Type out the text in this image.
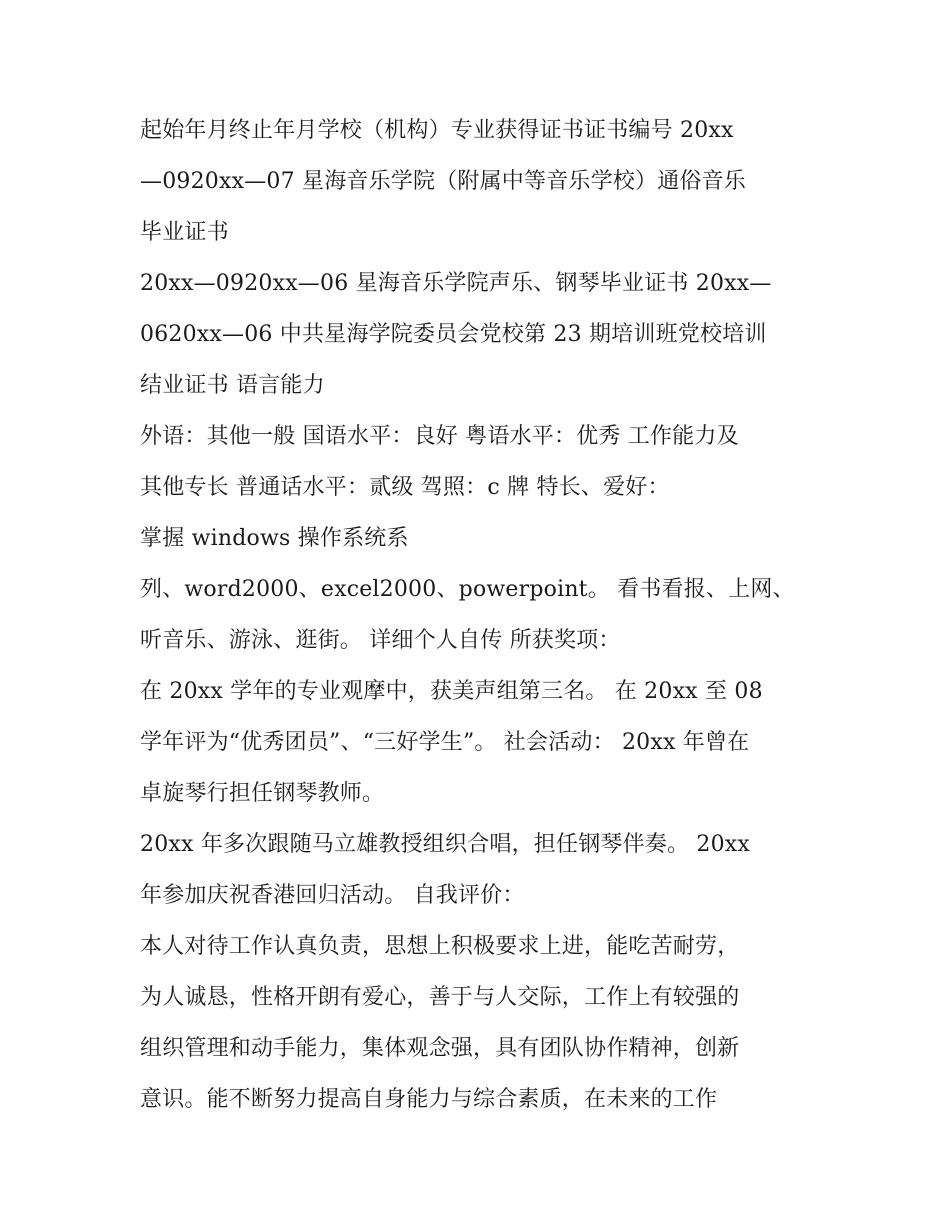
起始年月终止年月学校（机构）专业获得证书证书编号 20xx
—0920xx—07 星海音乐学院（附属中等音乐学校）通俗音乐
毕业证书
20xx—0920xx—06 星海音乐学院声乐、钢琴毕业证书 20xx—
0620xx—06 中共星海学院委员会党校第 23 期培训班党校培训
结业证书 语言能力
外语：其他一般 国语水平：良好 粤语水平：优秀 工作能力及
其他专长 普通话水平：贰级 驾照：c 牌 特长、爱好：
掌握 windows 操作系统系
列、word2000、excel2000、powerpoint。 看书看报、上网、
听音乐、游泳、逛街。 详细个人自传 所获奖项：
在 20xx 学年的专业观摩中，获美声组第三名。 在 20xx 至 08
学年评为“优秀团员”、“三好学生”。 社会活动： 20xx 年曾在
卓旋琴行担任钢琴教师。
20xx 年多次跟随马立雄教授组织合唱，担任钢琴伴奏。 20xx
年参加庆祝香港回归活动。 自我评价：
本人对待工作认真负责，思想上积极要求上进，能吃苦耐劳，
为人诚恳，性格开朗有爱心，善于与人交际，工作上有较强的
组织管理和动手能力，集体观念强，具有团队协作精神，创新
意识。能不断努力提高自身能力与综合素质，在未来的工作
